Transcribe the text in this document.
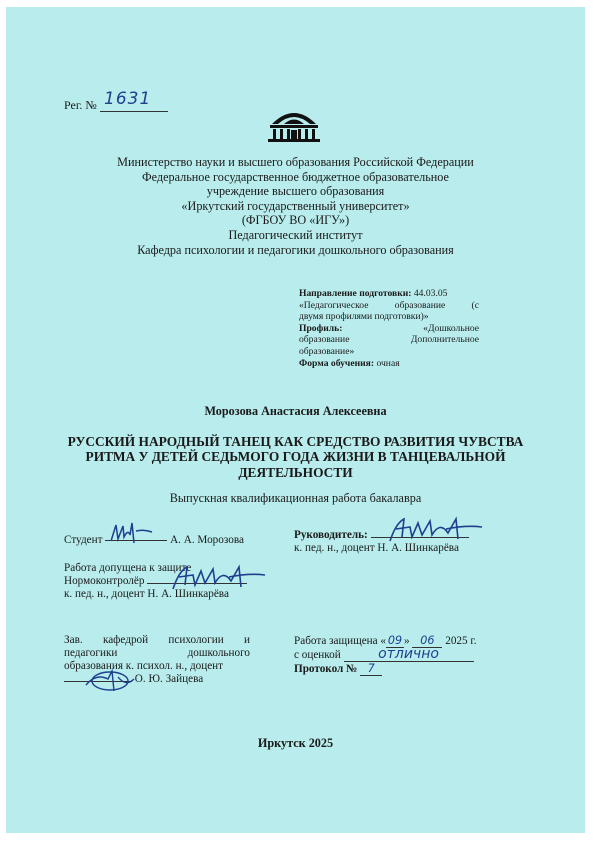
Рег. № 1631
Министерство науки и высшего образования Российской Федерации
Федеральное государственное бюджетное образовательное
учреждение высшего образования
«Иркутский государственный университет»
(ФГБОУ ВО «ИГУ»)
Педагогический институт
Кафедра психологии и педагогики дошкольного образования
Направление подготовки: 44.03.05
«Педагогическое образование (с
двумя профилями подготовки)»
Профиль:	«Дошкольное
образование	Дополнительное
образование»
Форма обучения: очная
Морозова Анастасия Алексеевна
РУССКИЙ НАРОДНЫЙ ТАНЕЦ КАК СРЕДСТВО РАЗВИТИЯ ЧУВСТВА
РИТМА У ДЕТЕЙ СЕДЬМОГО ГОДА ЖИЗНИ В ТАНЦЕВАЛЬНОЙ
ДЕЯТЕЛЬНОСТИ
Выпускная квалификационная работа бакалавра
Студент	А. А. Морозова	Руководитель:
к. пед. н., доцент Н. А. Шинкарёва
Работа допущена к защите
Нормоконтролёр
к. пед. н., доцент Н. А. Шинкарёва
Зав. кафедрой психологии и
педагогики	дошкольного
образования к. психол. н., доцент
О. Ю. Зайцева
Работа защищена « 09 » 06 2025 г.
с оценкой	отлично
Протокол № 7
Иркутск 2025
